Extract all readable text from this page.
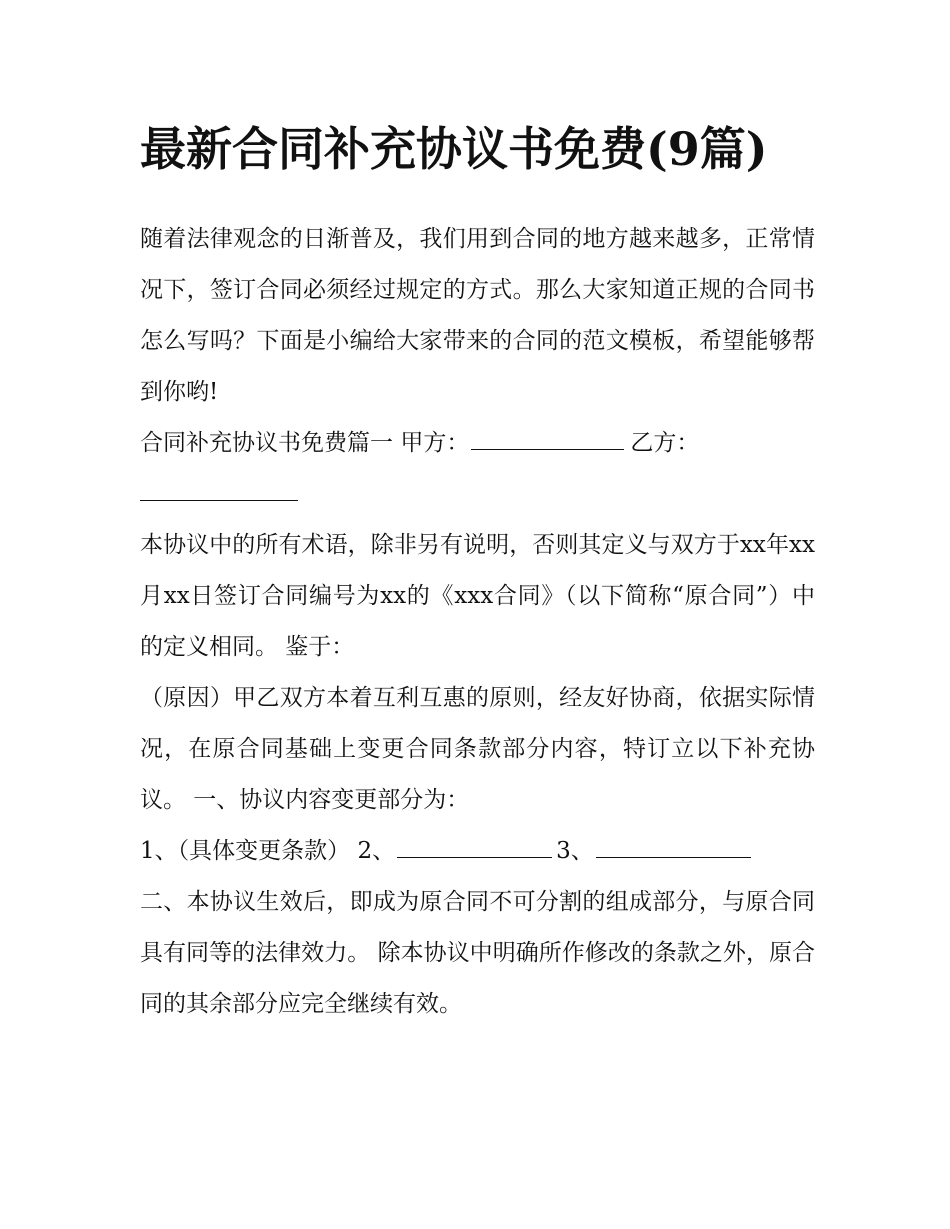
最新合同补充协议书免费(9篇)

随着法律观念的日渐普及，我们用到合同的地方越来越多，正常情况下，签订合同必须经过规定的方式。那么大家知道正规的合同书怎么写吗？下面是小编给大家带来的合同的范文模板，希望能够帮到你哟!

合同补充协议书免费篇一 甲方：	乙方：

本协议中的所有术语，除非另有说明，否则其定义与双方于xx年xx月xx日签订合同编号为xx的《xxx合同》（以下简称“原合同”）中的定义相同。 鉴于：

（原因）甲乙双方本着互利互惠的原则，经友好协商，依据实际情况，在原合同基础上变更合同条款部分内容，特订立以下补充协议。 一、协议内容变更部分为：

1、（具体变更条款） 2、	3、

二、本协议生效后，即成为原合同不可分割的组成部分，与原合同具有同等的法律效力。 除本协议中明确所作修改的条款之外，原合同的其余部分应完全继续有效。
